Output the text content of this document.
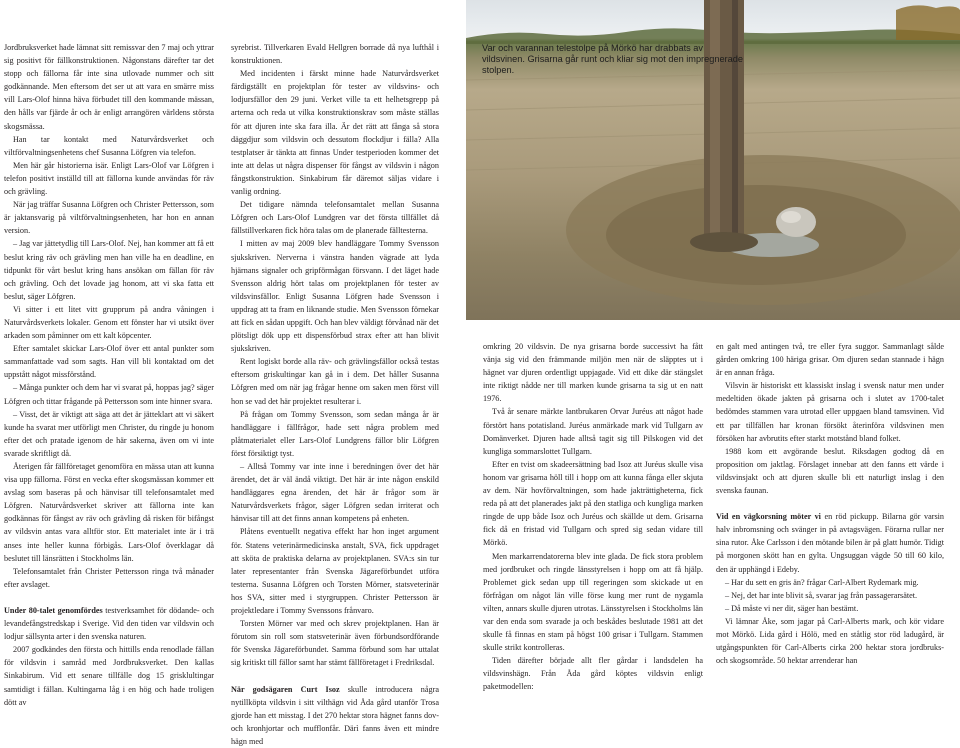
Var och varannan telestolpe på Mörkö har drabbats av vildsvinen. Grisarna går runt och kliar sig mot den impregnerade stolpen.

Jordbruksverket hade lämnat sitt remissvar den 7 maj och yttrar sig positivt för fällkonstruktionen. Någonstans därefter tar det stopp och fällorna får inte sina utlovade nummer och sitt godkännande. Men eftersom det ser ut att vara en smärre miss vill Lars-Olof hinna häva förbudet till den kommande mässan, den hålls var fjärde år och är enligt arrangören världens största skogsmässa.

Han tar kontakt med Naturvårdsverket och viltförvaltningsenhetens chef Susanna Löfgren via telefon.

Men här går historierna isär. Enligt Lars-Olof var Löfgren i telefon positivt inställd till att fällorna kunde användas för räv och grävling.

När jag träffar Susanna Löfgren och Christer Pettersson, som är jaktansvarig på viltförvaltningsenheten, har hon en annan version.

– Jag var jättetydlig till Lars-Olof. Nej, han kommer att få ett beslut kring räv och grävling men han ville ha en deadline, en tidpunkt för vårt beslut kring hans ansökan om fällan för räv och grävling. Och det lovade jag honom, att vi ska fatta ett beslut, säger Löfgren.

Vi sitter i ett litet vitt grupprum på andra våningen i Naturvårdsverkets lokaler. Genom ett fönster har vi utsikt över arkaden som påminner om ett kalt köpcenter.

Efter samtalet skickar Lars-Olof över ett antal punkter som sammanfattade vad som sagts. Han vill bli kontaktad om det uppstått något missförstånd.

– Många punkter och dem har vi svarat på, hoppas jag? säger Löfgren och tittar frågande på Pettersson som inte hinner svara.

– Visst, det är viktigt att säga att det är jätteklart att vi säkert kunde ha svarat mer utförligt men Christer, du ringde ju honom efter det och pratade igenom de här sakerna, även om vi inte svarade skriftligt då.

Återigen får fällföretaget genomföra en mässa utan att kunna visa upp fällorna. Först en vecka efter skogsmässan kommer ett avslag som baseras på och hänvisar till telefonsamtalet med Löfgren. Naturvårdsverket skriver att fällorna inte kan godkännas för fångst av räv och grävling då risken för bifångst av vildsvin antas vara alltför stor. Ett materialet inte är i trä anses inte heller kunna förbigås. Lars-Olof överklagar då beslutet till länsrätten i Stockholms län.

Telefonsamtalet från Christer Pettersson ringa två månader efter avslaget.

Under 80-talet genomfördes testverksamhet för dödande- och levandefångstredskap i Sverige. Vid den tiden var vildsvin och lodjur sällsynta arter i den svenska naturen.

2007 godkändes den första och hittills enda renodlade fällan för vildsvin i samråd med Jordbruksverket. Den kallas Sinkabirum. Vid ett senare tillfälle dog 15 grisklultingar samtidigt i fällan. Kultingarna låg i en hög och hade troligen dött av

syrebrist. Tillverkaren Evald Hellgren borrade då nya lufthål i konstruktionen.

Med incidenten i färskt minne hade Naturvårdsverket färdigställt en projektplan för tester av vildsvins- och lodjursfällor den 29 juni. Verket ville ta ett helhetsgrepp på arterna och reda ut vilka konstruktionskrav som måste ställas för att djuren inte ska fara illa. Är det rätt att fånga så stora däggdjur som vildsvin och dessutom flockdjur i fälla? Alla testplatser är tänkta att finnas Under testperioden kommer det inte att delas ut några dispenser för fångst av vildsvin i någon fångstkonstruktion. Sinkabirum får däremot säljas vidare i vanlig ordning.

Det tidigare nämnda telefonsamtalet mellan Susanna Löfgren och Lars-Olof Lundgren var det första tillfället då fällstillverkaren fick höra talas om de planerade fälltesterna.

I mitten av maj 2009 blev handläggare Tommy Svensson sjukskriven. Nerverna i vänstra handen vägrade att lyda hjärnans signaler och gripförmågan försvann. I det läget hade Svensson aldrig hört talas om projektplanen för tester av vildsvinsfällor. Enligt Susanna Löfgren hade Svensson i uppdrag att ta fram en liknande studie. Men Svensson förnekar att fick en sådan uppgift. Och han blev väldigt förvånad när det plötsligt dök upp ett dispensförbud strax efter att han blivit sjukskriven.

Rent logiskt borde alla räv- och grävlingsfällor också testas eftersom griskultingar kan gå in i dem. Det håller Susanna Löfgren med om när jag frågar henne om saken men först vill hon se vad det här projektet resulterar i.

På frågan om Tommy Svensson, som sedan många år är handläggare i fällfrågor, hade sett några problem med plåtmaterialet eller Lars-Olof Lundgrens fällor blir Löfgren först försiktigt tyst.

– Alltså Tommy var inte inne i beredningen över det här ärendet, det är väl ändå viktigt. Det här är inte någon enskild handläggares egna ärenden, det här är frågor som är Naturvårdsverkets frågor, säger Löfgren sedan irriterat och hänvisar till att det finns annan kompetens på enheten.

Plåtens eventuellt negativa effekt har hon inget argument för. Statens veterinärmedicinska anstalt, SVA, fick uppdraget att sköta de praktiska delarna av projektplanen. SVA:s sin tur later representanter från Svenska Jägareförbundet utföra testerna. Susanna Löfgren och Torsten Mörner, statsveterinär hos SVA, sitter med i styrgruppen. Christer Pettersson är projektledare i Tommy Svenssons frånvaro.

Torsten Mörner var med och skrev projektplanen. Han är förutom sin roll som statsveterinär även förbundsordförande för Svenska Jägareförbundet. Samma förbund som har uttalat sig kritiskt till fällor samt har stämt fällföretaget i Fredriksdal.

När godsägaren Curt Isoz skulle introducera några nytillköpta vildsvin i sitt vilthägn vid Åda gård utanför Trosa gjorde han ett misstag. I det 270 hektar stora hägnet fanns dov- och kronhjortar och mufflonfår. Därì fanns även ett mindre hägn med

omkring 20 vildsvin. De nya grisarna borde successivt ha fått vänja sig vid den främmande miljön men när de släpptes ut i hägnet var djuren ordentligt uppjagade. Vid ett dike där stängslet inte riktigt nådde ner till marken kunde grisarna ta sig ut en natt 1976.

Två år senare märkte lantbrukaren Orvar Juréus att något hade förstört hans potatisland. Juréus anmärkade mark vid Tullgarn av Domänverket. Djuren hade alltså tagit sig till Pilskogen vid det kungliga sommarslottet Tullgarn.

Efter en tvist om skadeersättning bad Isoz att Juréus skulle visa honom var grisarna höll till i hopp om att kunna fånga eller skjuta av dem. När hovförvaltningen, som hade jakträttigheterna, fick reda på att det planerades jakt på den statliga och kungliga marken ringde de upp både Isoz och Juréus och skällde ut dem. Grisarna fick då en fristad vid Tullgarn och spred sig sedan vidare till Mörkö.

Men markarrendatorerna blev inte glada. De fick stora problem med jordbruket och ringde länsstyrelsen i hopp om att få hjälp. Problemet gick sedan upp till regeringen som skickade ut en förfrågan om något län ville förse kung mer runt de nygamla vilten, annars skulle djuren utrotas. Länsstyrelsen i Stockholms län var den enda som svarade ja och beskådes beslutade 1981 att det skulle få finnas en stam på högst 100 grisar i Tullgarn. Stammen skulle strikt kontrolleras.

Tiden därefter började allt fler gårdar i landsdelen ha vildsvinshägn. Från Åda gård köptes vildsvin enligt paketmodellen:

en galt med antingen två, tre eller fyra suggor. Sammanlagt sålde gården omkring 100 häriga grisar. Om djuren sedan stannade i hägn är en annan fråga.

Vilsvin är historiskt ett klassiskt inslag i svensk natur men under medeltiden ökade jakten på grisarna och i slutet av 1700-talet bedömdes stammen vara utrotad eller uppgaen bland tamsvinen. Vid ett par tillfällen har kronan försökt återinföra vildsvinen men försöken har avbrutits efter starkt motstånd bland folket.

1988 kom ett avgörande beslut. Riksdagen godtog då en proposition om jaktlag. Förslaget innebar att den fanns ett värde i vildsvinsjakt och att djuren skulle bli ett naturligt inslag i den svenska faunan.

Vid en vägkorsning möter vi en röd pickupp. Bilarna gör varsin halv inbromsning och svänger in på avtagsvägen. Förarna rullar ner sina rutor. Åke Carlsson i den mötande bilen är på glatt humör. Tidigt på morgonen skött han en gylta. Ungsuggan vägde 50 till 60 kilo, den är upphängd i Edeby.

– Har du sett en gris än? frågar Carl-Albert Rydemark mig.

– Nej, det har inte blivit så, svarar jag från passagerarsätet.

– Då måste vi ner dit, säger han bestämt.

Vi lämnar Åke, som jagar på Carl-Alberts mark, och kör vidare mot Mörkö. Lida gård i Hölö, med en ståtlig stor röd ladugård, är utgångspunkten för Carl-Alberts cirka 200 hektar stora jordbruks- och skogsområde. 50 hektar arrenderar han
